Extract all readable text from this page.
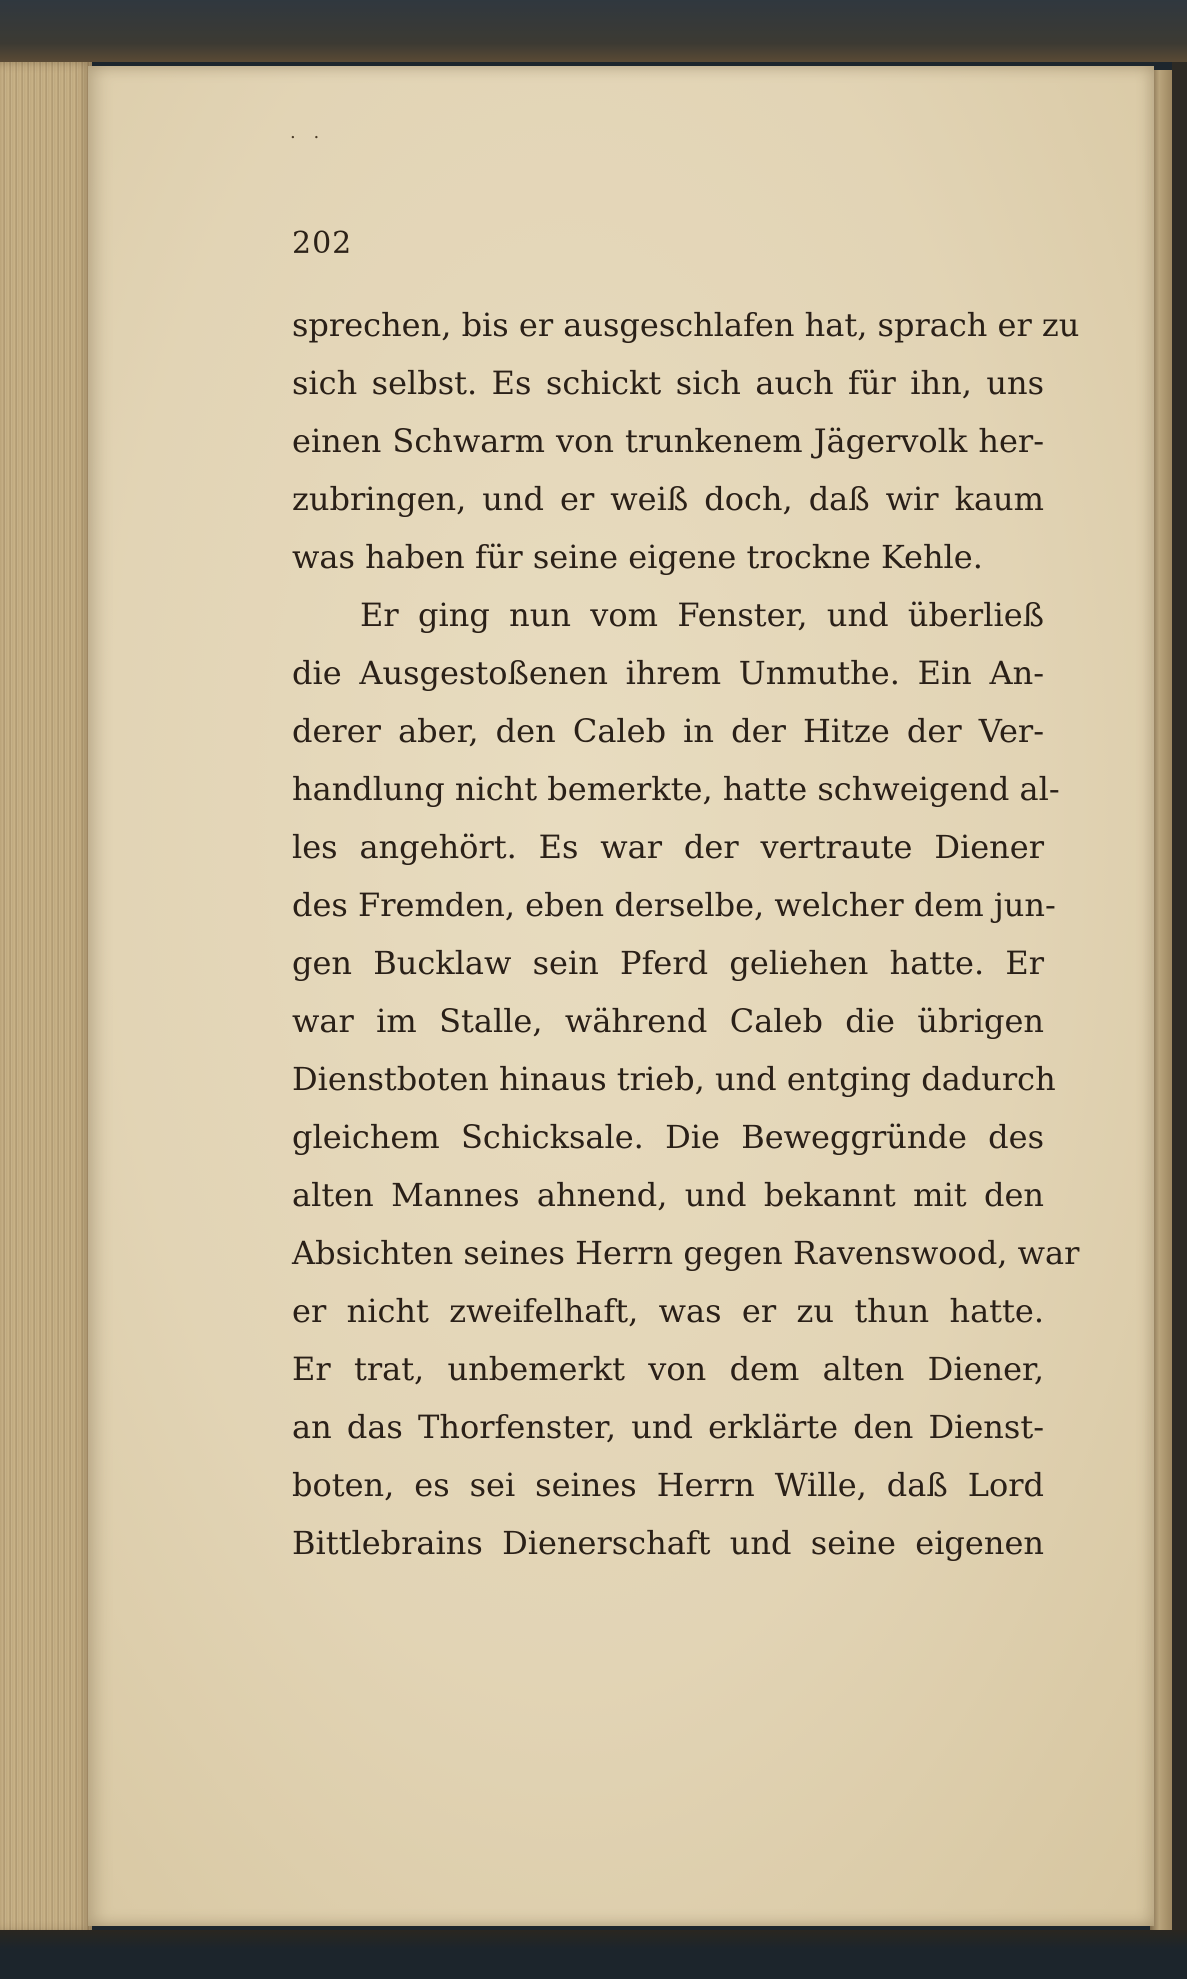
. .
202
sprechen, bis er ausgeschlafen hat, sprach er zu
sich selbst. Es schickt sich auch für ihn, uns
einen Schwarm von trunkenem Jägervolk her-
zubringen, und er weiß doch, daß wir kaum
was haben für seine eigene trockne Kehle.
Er ging nun vom Fenster, und überließ
die Ausgestoßenen ihrem Unmuthe. Ein An-
derer aber, den Caleb in der Hitze der Ver-
handlung nicht bemerkte, hatte schweigend al-
les angehört. Es war der vertraute Diener
des Fremden, eben derselbe, welcher dem jun-
gen Bucklaw sein Pferd geliehen hatte. Er
war im Stalle, während Caleb die übrigen
Dienstboten hinaus trieb, und entging dadurch
gleichem Schicksale. Die Beweggründe des
alten Mannes ahnend, und bekannt mit den
Absichten seines Herrn gegen Ravenswood, war
er nicht zweifelhaft, was er zu thun hatte.
Er trat, unbemerkt von dem alten Diener,
an das Thorfenster, und erklärte den Dienst-
boten, es sei seines Herrn Wille, daß Lord
Bittlebrains Dienerschaft und seine eigenen
